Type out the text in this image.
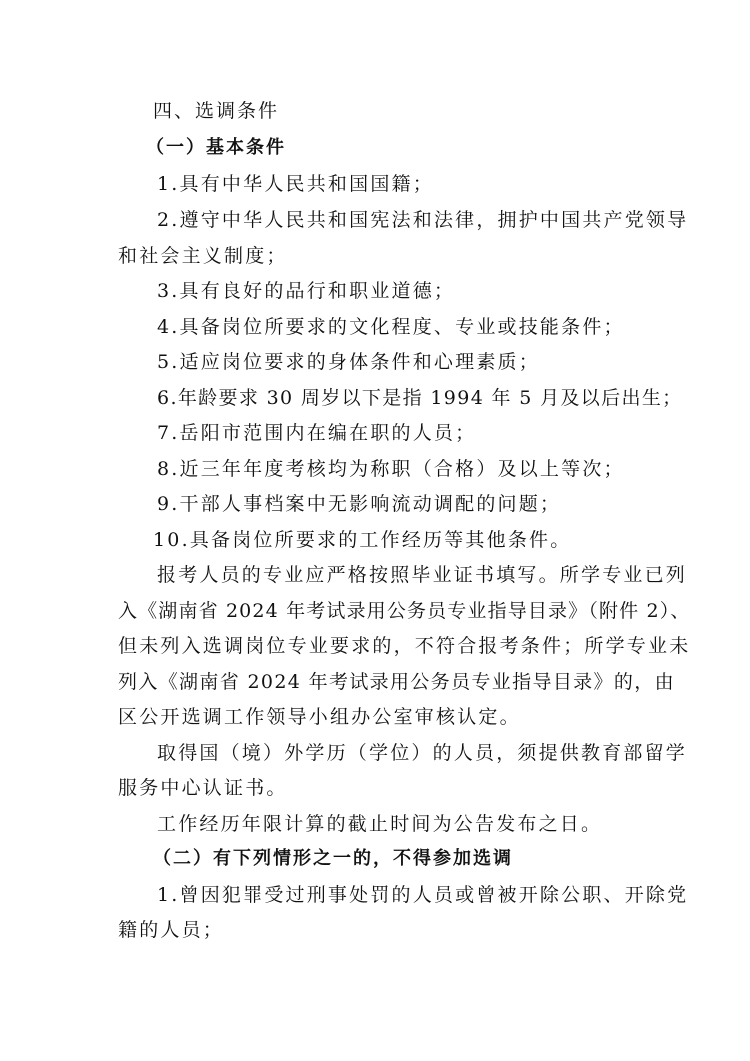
四、选调条件
（一）基本条件
1.具有中华人民共和国国籍；
2.遵守中华人民共和国宪法和法律，拥护中国共产党领导
和社会主义制度；
3.具有良好的品行和职业道德；
4.具备岗位所要求的文化程度、专业或技能条件；
5.适应岗位要求的身体条件和心理素质；
6.年龄要求 30 周岁以下是指 1994 年 5 月及以后出生；
7.岳阳市范围内在编在职的人员；
8.近三年年度考核均为称职（合格）及以上等次；
9.干部人事档案中无影响流动调配的问题；
10.具备岗位所要求的工作经历等其他条件。
报考人员的专业应严格按照毕业证书填写。所学专业已列
入《湖南省 2024 年考试录用公务员专业指导目录》（附件 2）、
但未列入选调岗位专业要求的，不符合报考条件；所学专业未
列入《湖南省 2024 年考试录用公务员专业指导目录》的，由
区公开选调工作领导小组办公室审核认定。
取得国（境）外学历（学位）的人员，须提供教育部留学
服务中心认证书。
工作经历年限计算的截止时间为公告发布之日。
（二）有下列情形之一的，不得参加选调
1.曾因犯罪受过刑事处罚的人员或曾被开除公职、开除党
籍的人员；
